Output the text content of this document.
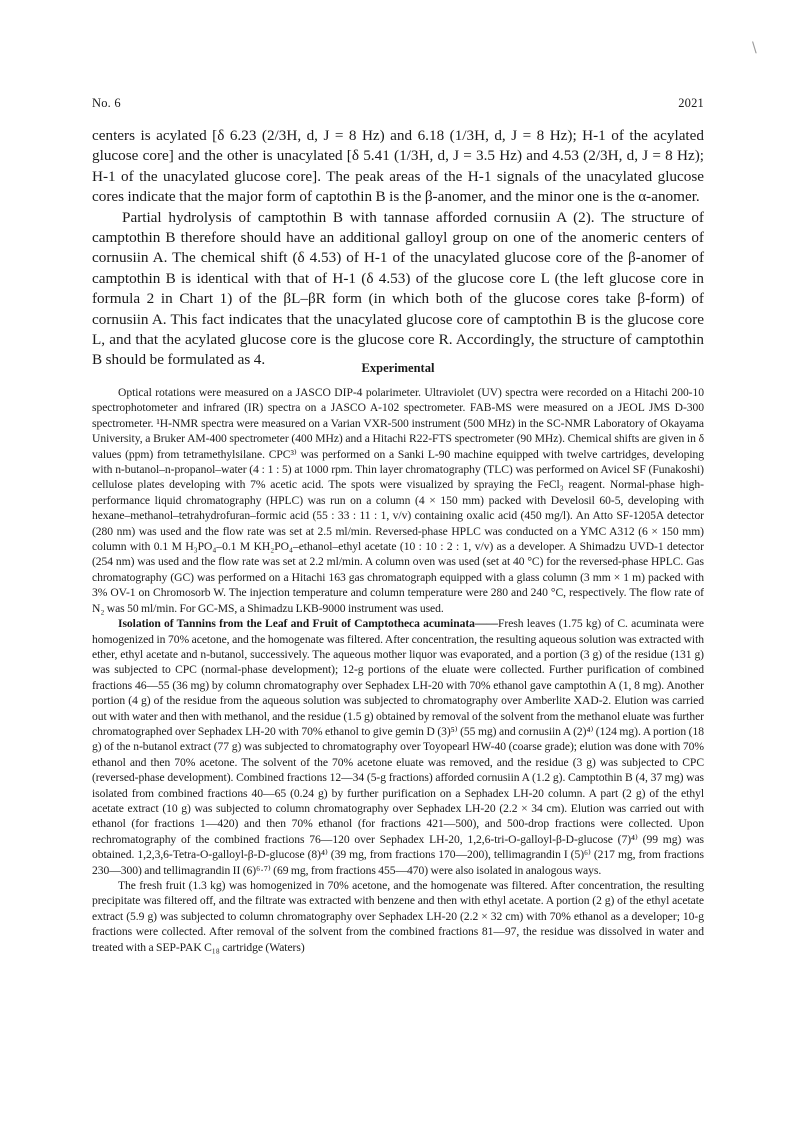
\
No. 6	2021

centers is acylated [δ 6.23 (2/3H, d, J = 8 Hz) and 6.18 (1/3H, d, J = 8 Hz); H-1 of the acylated glucose core] and the other is unacylated [δ 5.41 (1/3H, d, J = 3.5 Hz) and 4.53 (2/3H, d, J = 8 Hz); H-1 of the unacylated glucose core]. The peak areas of the H-1 signals of the unacylated glucose cores indicate that the major form of captothin B is the β-anomer, and the minor one is the α-anomer.

Partial hydrolysis of camptothin B with tannase afforded cornusiin A (2). The structure of camptothin B therefore should have an additional galloyl group on one of the anomeric centers of cornusiin A. The chemical shift (δ 4.53) of H-1 of the unacylated glucose core of the β-anomer of camptothin B is identical with that of H-1 (δ 4.53) of the glucose core L (the left glucose core in formula 2 in Chart 1) of the βL–βR form (in which both of the glucose cores take β-form) of cornusiin A. This fact indicates that the unacylated glucose core of camptothin B is the glucose core L, and that the acylated glucose core is the glucose core R. Accordingly, the structure of camptothin B should be formulated as 4.	Experimental

Optical rotations were measured on a JASCO DIP-4 polarimeter. Ultraviolet (UV) spectra were recorded on a Hitachi 200-10 spectrophotometer and infrared (IR) spectra on a JASCO A-102 spectrometer. FAB-MS were measured on a JEOL JMS D-300 spectrometer. ¹H-NMR spectra were measured on a Varian VXR-500 instrument (500 MHz) in the SC-NMR Laboratory of Okayama University, a Bruker AM-400 spectrometer (400 MHz) and a Hitachi R22-FTS spectrometer (90 MHz). Chemical shifts are given in δ values (ppm) from tetramethylsilane. CPC³⁾ was performed on a Sanki L-90 machine equipped with twelve cartridges, developing with n-butanol–n-propanol–water (4 : 1 : 5) at 1000 rpm. Thin layer chromatography (TLC) was performed on Avicel SF (Funakoshi) cellulose plates developing with 7% acetic acid. The spots were visualized by spraying the FeCl₃ reagent. Normal-phase high-performance liquid chromatography (HPLC) was run on a column (4 × 150 mm) packed with Develosil 60-5, developing with hexane–methanol–tetrahydrofuran–formic acid (55 : 33 : 11 : 1, v/v) containing oxalic acid (450 mg/l). An Atto SF-1205A detector (280 nm) was used and the flow rate was set at 2.5 ml/min. Reversed-phase HPLC was conducted on a YMC A312 (6 × 150 mm) column with 0.1 M H₃PO₄–0.1 M KH₂PO₄–ethanol–ethyl acetate (10 : 10 : 2 : 1, v/v) as a developer. A Shimadzu UVD-1 detector (254 nm) was used and the flow rate was set at 2.2 ml/min. A column oven was used (set at 40 °C) for the reversed-phase HPLC. Gas chromatography (GC) was performed on a Hitachi 163 gas chromatograph equipped with a glass column (3 mm × 1 m) packed with 3% OV-1 on Chromosorb W. The injection temperature and column temperature were 280 and 240 °C, respectively. The flow rate of N₂ was 50 ml/min. For GC-MS, a Shimadzu LKB-9000 instrument was used.

Isolation of Tannins from the Leaf and Fruit of Camptotheca acuminata——Fresh leaves (1.75 kg) of C. acuminata were homogenized in 70% acetone, and the homogenate was filtered. After concentration, the resulting aqueous solution was extracted with ether, ethyl acetate and n-butanol, successively. The aqueous mother liquor was evaporated, and a portion (3 g) of the residue (131 g) was subjected to CPC (normal-phase development); 12-g portions of the eluate were collected. Further purification of combined fractions 46—55 (36 mg) by column chromatography over Sephadex LH-20 with 70% ethanol gave camptothin A (1, 8 mg). Another portion (4 g) of the residue from the aqueous solution was subjected to chromatography over Amberlite XAD-2. Elution was carried out with water and then with methanol, and the residue (1.5 g) obtained by removal of the solvent from the methanol eluate was further chromatographed over Sephadex LH-20 with 70% ethanol to give gemin D (3)⁵⁾ (55 mg) and cornusiin A (2)⁴⁾ (124 mg). A portion (18 g) of the n-butanol extract (77 g) was subjected to chromatography over Toyopearl HW-40 (coarse grade); elution was done with 70% ethanol and then 70% acetone. The solvent of the 70% acetone eluate was removed, and the residue (3 g) was subjected to CPC (reversed-phase development). Combined fractions 12—34 (5-g fractions) afforded cornusiin A (1.2 g). Camptothin B (4, 37 mg) was isolated from combined fractions 40—65 (0.24 g) by further purification on a Sephadex LH-20 column. A part (2 g) of the ethyl acetate extract (10 g) was subjected to column chromatography over Sephadex LH-20 (2.2 × 34 cm). Elution was carried out with ethanol (for fractions 1—420) and then 70% ethanol (for fractions 421—500), and 500-drop fractions were collected. Upon rechromatography of the combined fractions 76—120 over Sephadex LH-20, 1,2,6-tri-O-galloyl-β-D-glucose (7)⁴⁾ (99 mg) was obtained. 1,2,3,6-Tetra-O-galloyl-β-D-glucose (8)⁴⁾ (39 mg, from fractions 170—200), tellimagrandin I (5)⁶⁾ (217 mg, from fractions 230—300) and tellimagrandin II (6)⁶·⁷⁾ (69 mg, from fractions 455—470) were also isolated in analogous ways.

The fresh fruit (1.3 kg) was homogenized in 70% acetone, and the homogenate was filtered. After concentration, the resulting precipitate was filtered off, and the filtrate was extracted with benzene and then with ethyl acetate. A portion (2 g) of the ethyl acetate extract (5.9 g) was subjected to column chromatography over Sephadex LH-20 (2.2 × 32 cm) with 70% ethanol as a developer; 10-g fractions were collected. After removal of the solvent from the combined fractions 81—97, the residue was dissolved in water and treated with a SEP-PAK C₁₈ cartridge (Waters)
